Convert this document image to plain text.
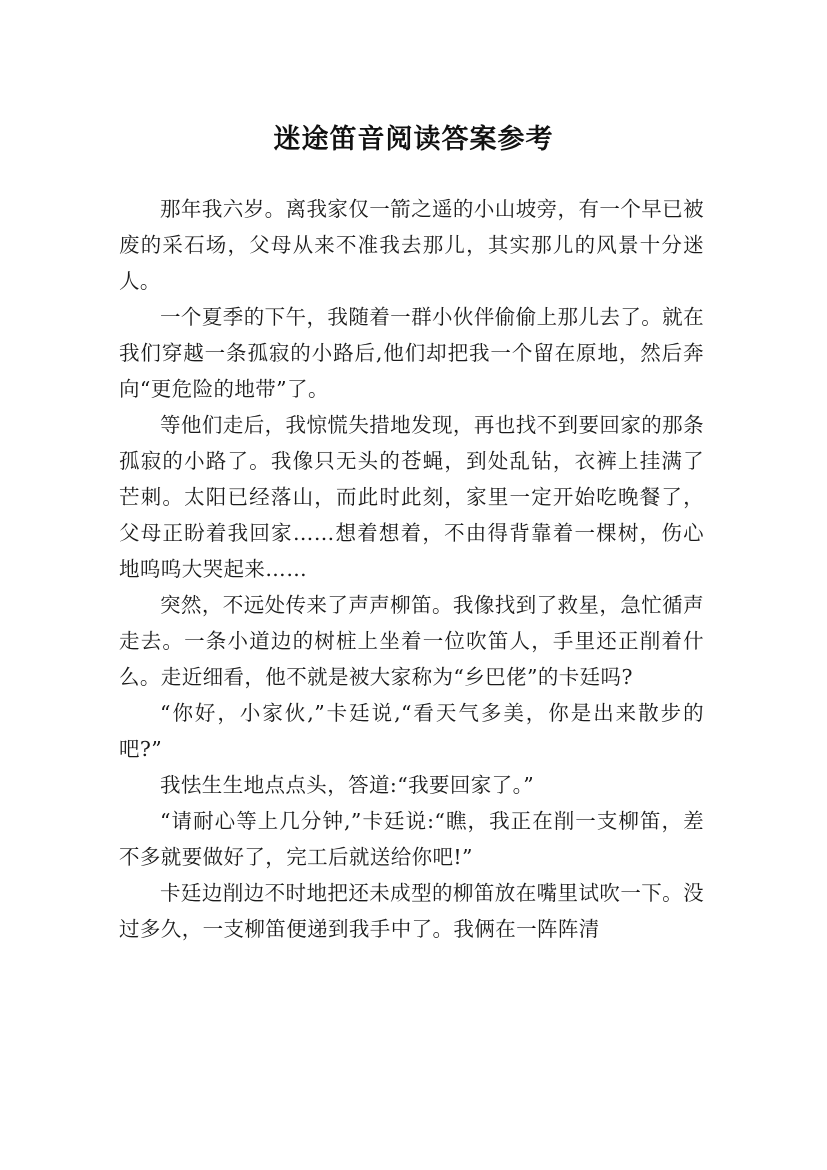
迷途笛音阅读答案参考

那年我六岁。离我家仅一箭之遥的小山坡旁，有一个早已被废的采石场，父母从来不准我去那儿，其实那儿的风景十分迷人。

一个夏季的下午，我随着一群小伙伴偷偷上那儿去了。就在我们穿越一条孤寂的小路后,他们却把我一个留在原地，然后奔向“更危险的地带”了。

等他们走后，我惊慌失措地发现，再也找不到要回家的那条孤寂的小路了。我像只无头的苍蝇，到处乱钻，衣裤上挂满了芒刺。太阳已经落山，而此时此刻，家里一定开始吃晚餐了，父母正盼着我回家……想着想着，不由得背靠着一棵树，伤心地呜呜大哭起来……

突然，不远处传来了声声柳笛。我像找到了救星，急忙循声走去。一条小道边的树桩上坐着一位吹笛人，手里还正削着什么。走近细看，他不就是被大家称为“乡巴佬”的卡廷吗?

“你好，小家伙,”卡廷说,“看天气多美，你是出来散步的吧?”

我怯生生地点点头，答道:“我要回家了。”

“请耐心等上几分钟,”卡廷说:“瞧，我正在削一支柳笛，差不多就要做好了，完工后就送给你吧!”

卡廷边削边不时地把还未成型的柳笛放在嘴里试吹一下。没过多久，一支柳笛便递到我手中了。我俩在一阵阵清
